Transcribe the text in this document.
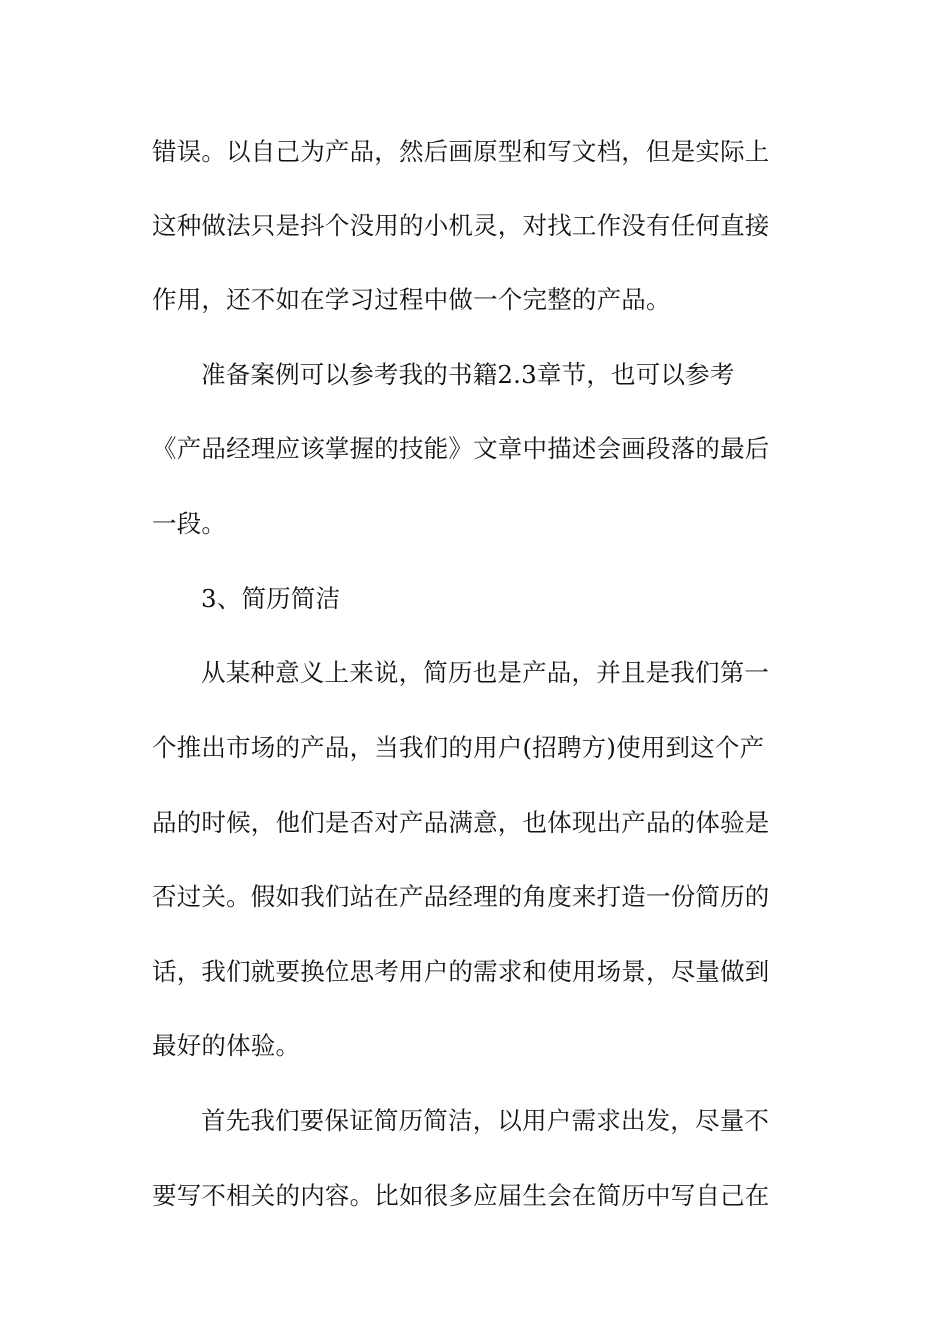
错误。以自己为产品，然后画原型和写文档，但是实际上
这种做法只是抖个没用的小机灵，对找工作没有任何直接
作用，还不如在学习过程中做一个完整的产品。
准备案例可以参考我的书籍2.3章节，也可以参考
《产品经理应该掌握的技能》文章中描述会画段落的最后
一段。
3、简历简洁
从某种意义上来说，简历也是产品，并且是我们第一
个推出市场的产品，当我们的用户(招聘方)使用到这个产
品的时候，他们是否对产品满意，也体现出产品的体验是
否过关。假如我们站在产品经理的角度来打造一份简历的
话，我们就要换位思考用户的需求和使用场景，尽量做到
最好的体验。
首先我们要保证简历简洁，以用户需求出发，尽量不
要写不相关的内容。比如很多应届生会在简历中写自己在
